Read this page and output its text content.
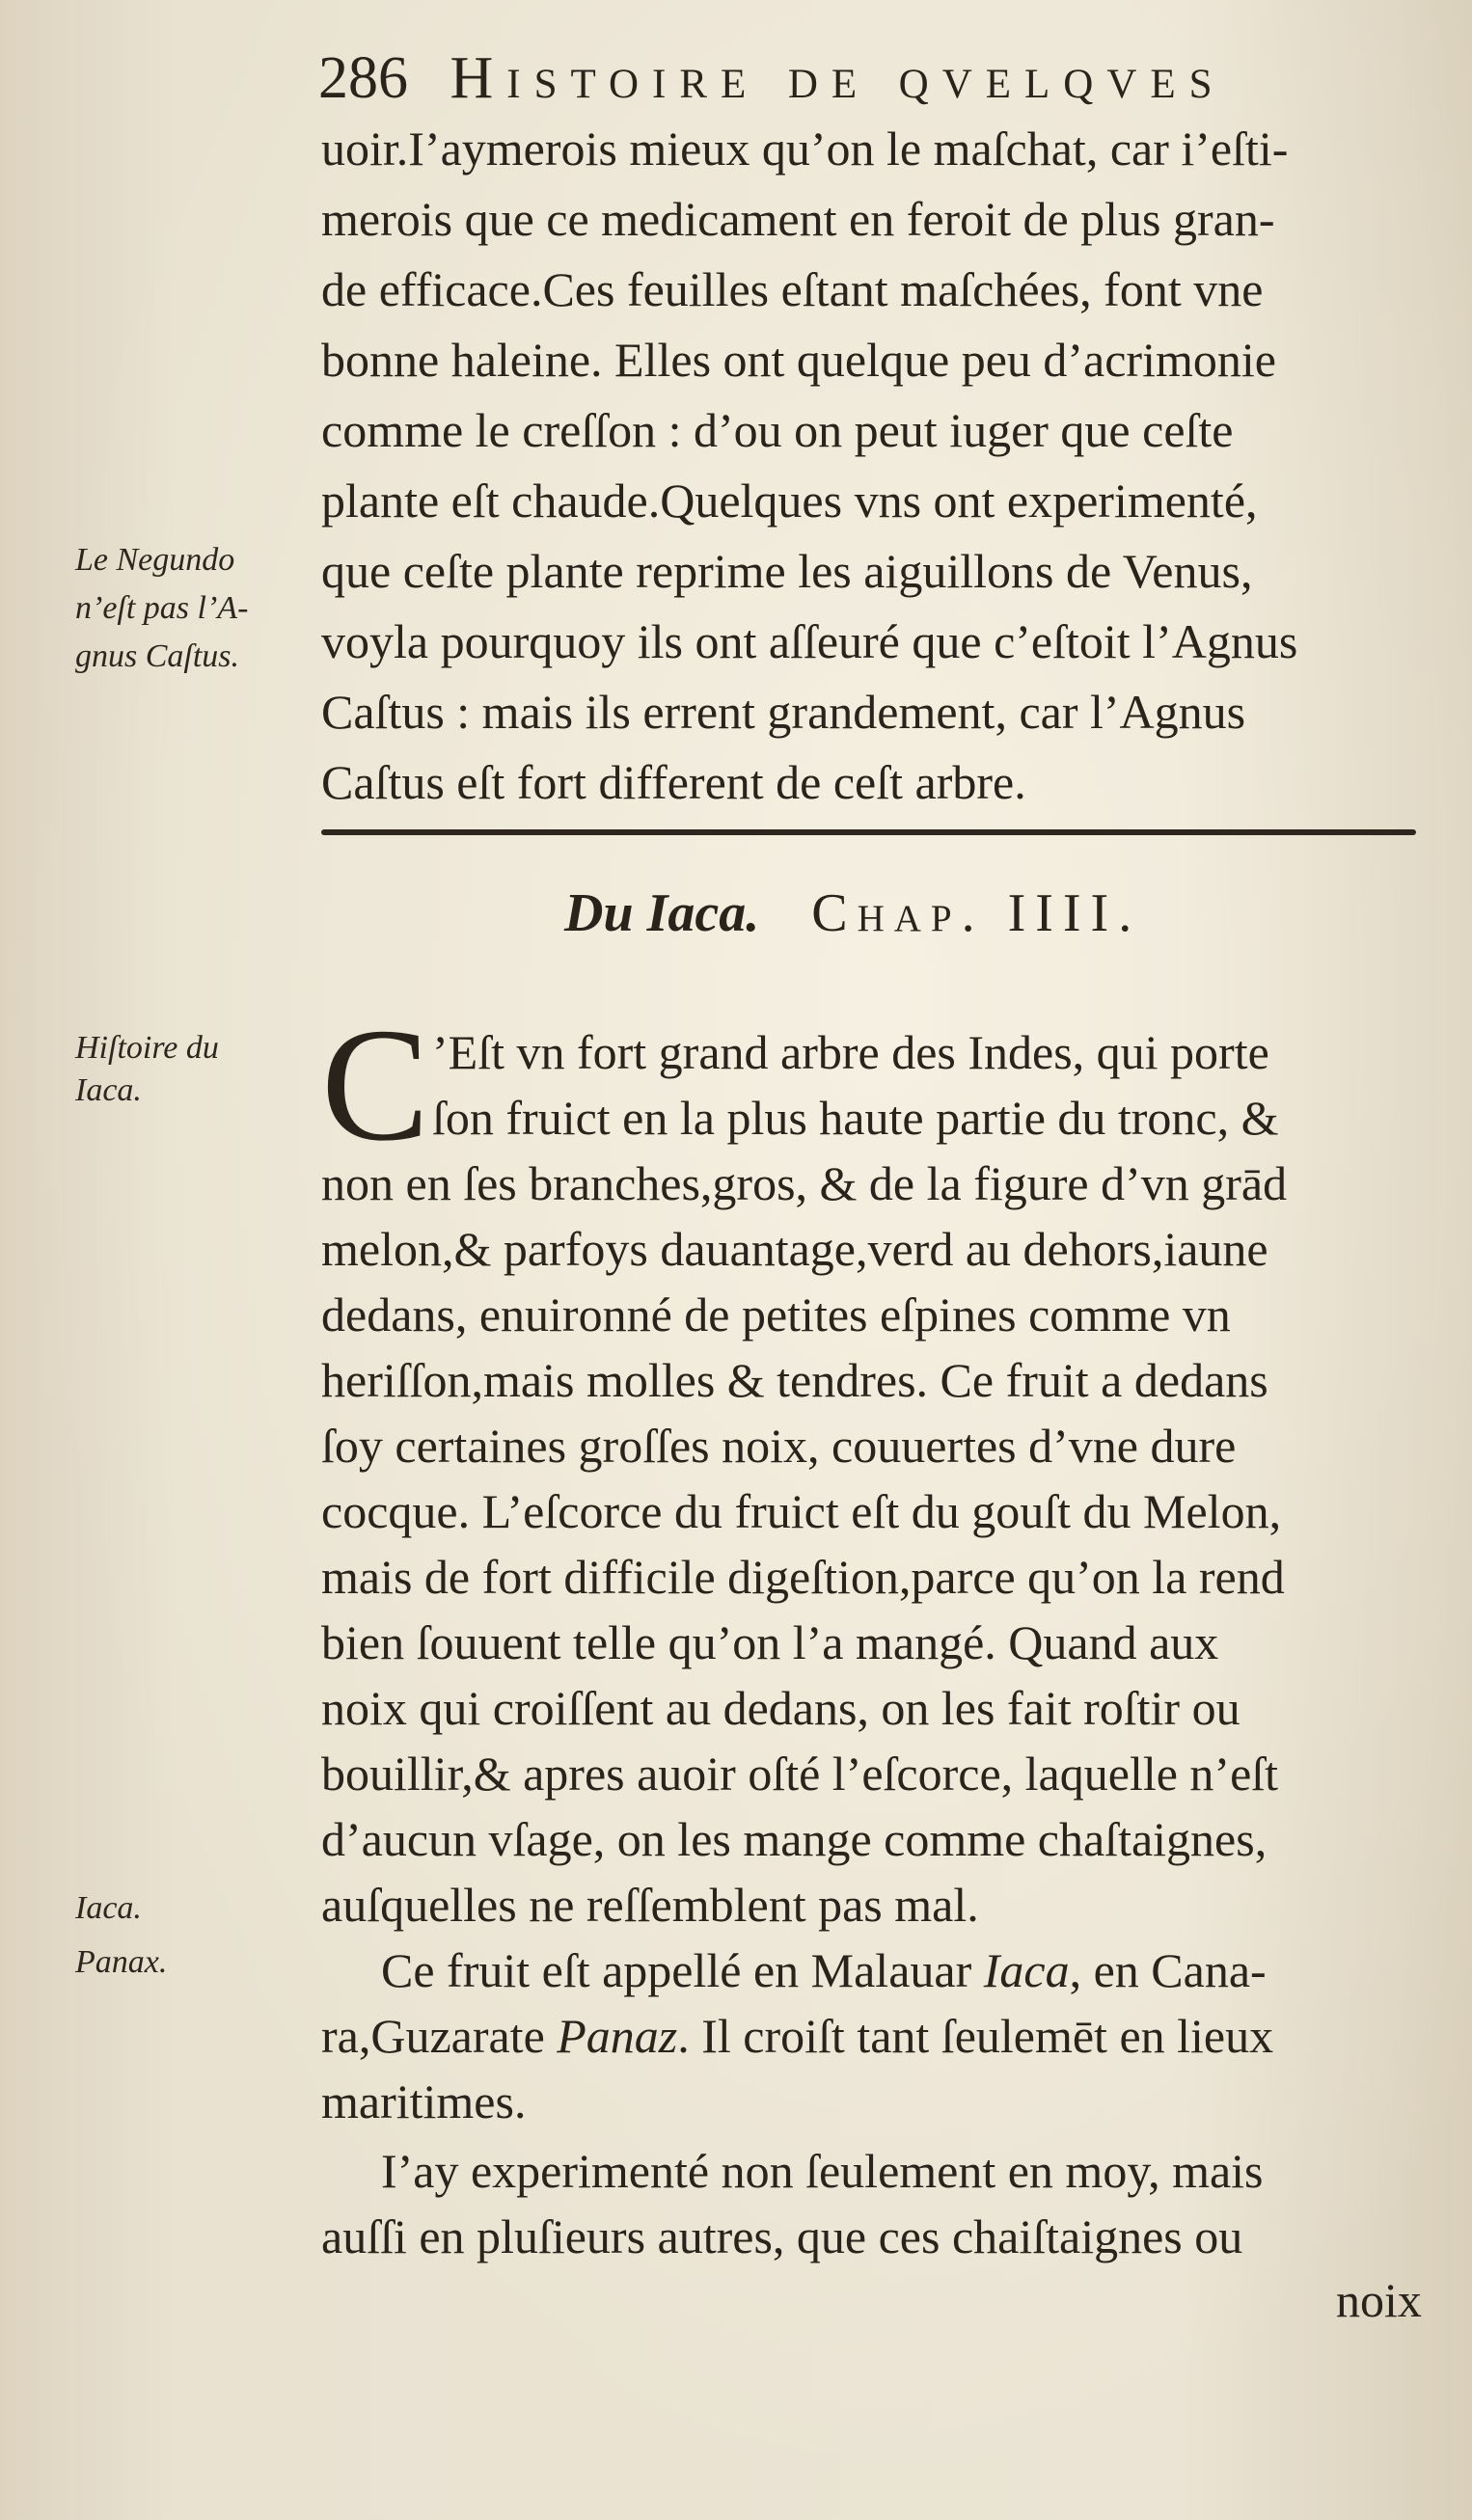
286 Histoire de qvelqves
uoir.I’aymerois mieux qu’on le maſchat, car i’eſti-
merois que ce medicament en feroit de plus gran-
de efficace.Ces feuilles eſtant maſchées, font vne
bonne haleine. Elles ont quelque peu d’acrimonie
comme le creſſon : d’ou on peut iuger que ceſte
plante eſt chaude.Quelques vns ont experimenté,
que ceſte plante reprime les aiguillons de Venus,
voyla pourquoy ils ont aſſeuré que c’eſtoit l’Agnus
Caſtus : mais ils errent grandement, car l’Agnus
Caſtus eſt fort different de ceſt arbre.
Le Negundo
n’eſt pas l’A-
gnus Caſtus.
Du Iaca. Chap. IIII.
Hiſtoire du
Iaca. C ’Eſt vn fort grand arbre des Indes, qui porte
ſon fruict en la plus haute partie du tronc, &
non en ſes branches,gros, & de la figure d’vn grād
melon,& parfoys dauantage,verd au dehors,iaune
dedans, enuironné de petites eſpines comme vn
heriſſon,mais molles & tendres. Ce fruit a dedans
ſoy certaines groſſes noix, couuertes d’vne dure
cocque. L’eſcorce du fruict eſt du gouſt du Melon,
mais de fort difficile digeſtion,parce qu’on la rend
bien ſouuent telle qu’on l’a mangé. Quand aux
noix qui croiſſent au dedans, on les fait roſtir ou
bouillir,& apres auoir oſté l’eſcorce, laquelle n’eſt
d’aucun vſage, on les mange comme chaſtaignes,
auſquelles ne reſſemblent pas mal.
Iaca.
Panax.	Ce fruit eſt appellé en Malauar Iaca, en Cana-
ra,Guzarate Panaz. Il croiſt tant ſeulemēt en lieux
maritimes.
I’ay experimenté non ſeulement en moy, mais
auſſi en pluſieurs autres, que ces chaiſtaignes ou
noix
